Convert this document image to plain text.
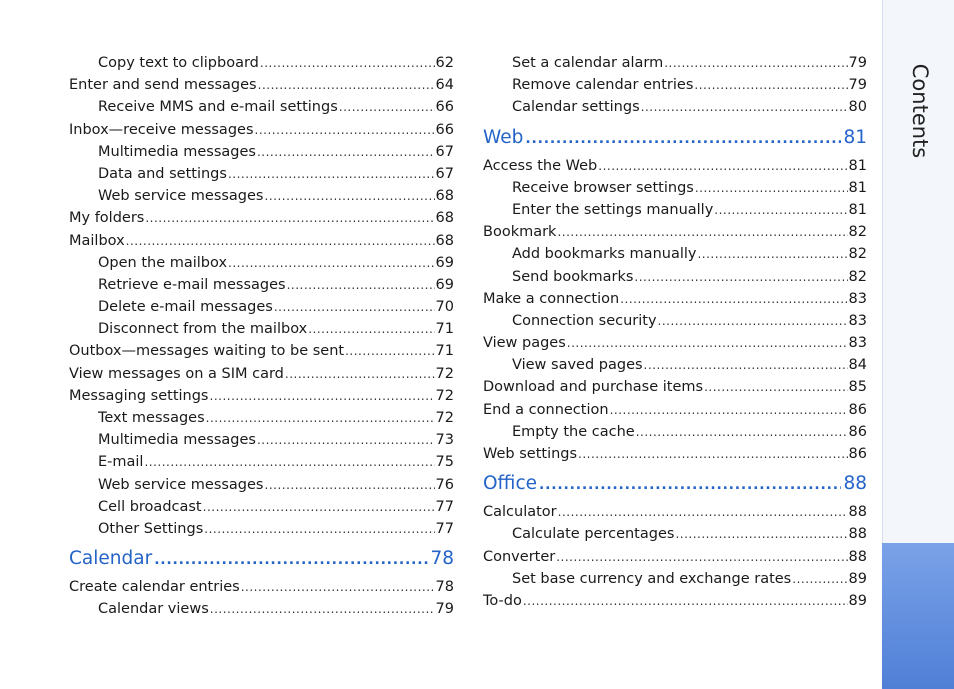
Contents
Copy text to clipboard .....	62
Enter and send messages .....	64
Receive MMS and e-mail settings .....	66
Inbox—receive messages .....	66
Multimedia messages .....	67
Data and settings .....	67
Web service messages .....	68
My folders .....	68
Mailbox .....	68
Open the mailbox .....	69
Retrieve e-mail messages .....	69
Delete e-mail messages .....	70
Disconnect from the mailbox .....	71
Outbox—messages waiting to be sent .....	71
View messages on a SIM card .....	72
Messaging settings .....	72
Text messages .....	72
Multimedia messages .....	73
E-mail .....	75
Web service messages .....	76
Cell broadcast .....	77
Other Settings .....	77
Calendar .....	78
Create calendar entries .....	78
Calendar views .....	79
Set a calendar alarm .....	79
Remove calendar entries .....	79
Calendar settings .....	80
Web .....	81
Access the Web .....	81
Receive browser settings .....	81
Enter the settings manually .....	81
Bookmark .....	82
Add bookmarks manually .....	82
Send bookmarks .....	82
Make a connection .....	83
Connection security .....	83
View pages .....	83
View saved pages .....	84
Download and purchase items .....	85
End a connection .....	86
Empty the cache .....	86
Web settings .....	86
Office .....	88
Calculator .....	88
Calculate percentages .....	88
Converter .....	88
Set base currency and exchange rates .....	89
To-do .....	89
